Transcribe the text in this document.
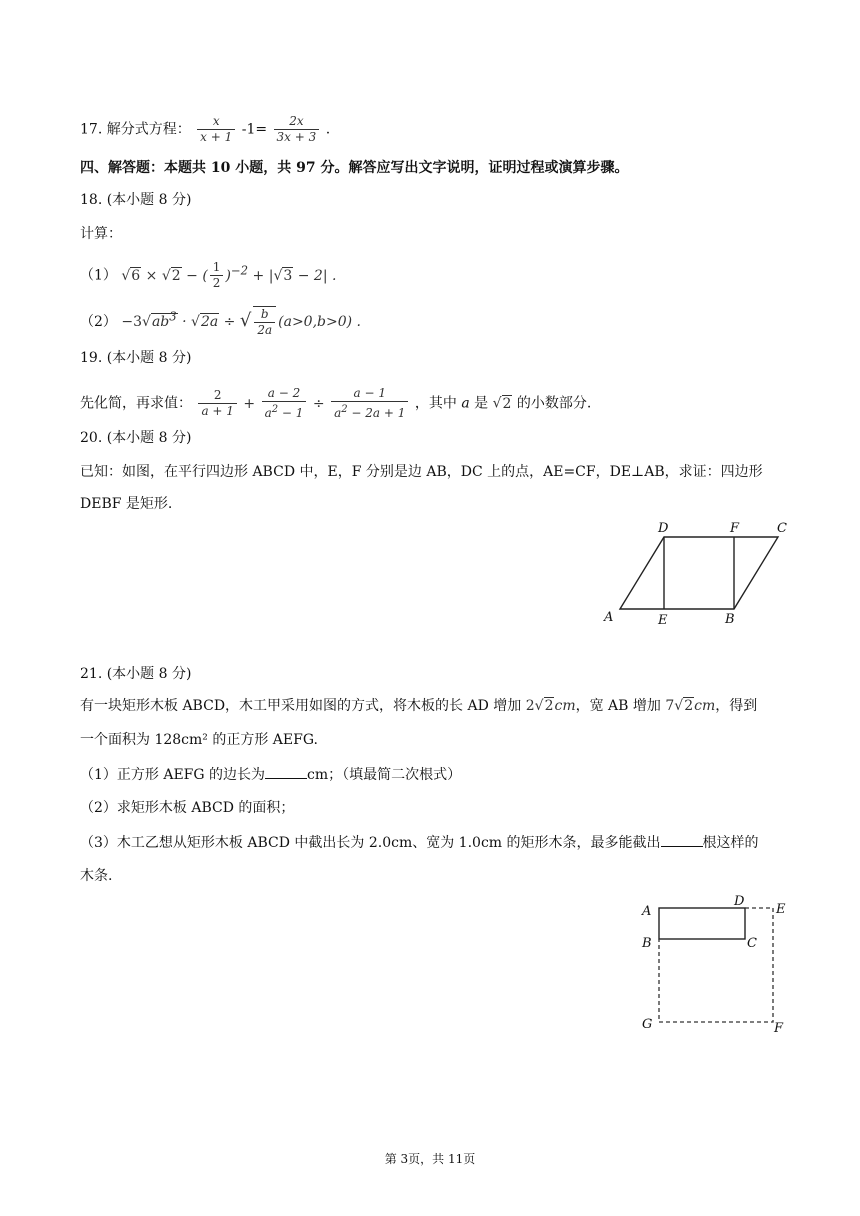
17. 解分式方程： $\frac{x}{x + 1} -1= \frac{2x}{3x + 3}$ .
四、解答题：本题共 10 小题，共 97 分。解答应写出文字说明，证明过程或演算步骤。
18. (本小题 8 分)
计算：
（1） √6 × √2 − ( $\frac{1}{2} )^{-2} + |√3 - 2|$ .
$(2) -3√ab^3 \cdot √2a$ ÷ √ $\frac{b}{2a} (a>0,b>0)$ .
19. (本小题 8 分)
先化简，再求值： $\frac{2}{a + 1} + \frac{a - 2}{a^2 - 1} \div \frac{a - 1}{a^2 - 2a + 1}$ ，其中 a 是 √2 的小数部分.
20. (本小题 8 分)
已知：如图，在平行四边形 ABCD 中，E，F 分别是边 AB，DC 上的点，AE=CF，DE⊥AB，求证：四边形
DEBF 是矩形.
D	F	C
A	E	B
21. (本小题 8 分)
有一块矩形木板 ABCD，木工甲采用如图的方式，将木板的长 AD 增加 2√2cm，宽 AB 增加 7√2cm，得到
一个面积为 128cm² 的正方形 AEFG.
（1）正方形 AEFG 的边长为	cm；（填最简二次根式）
（2）求矩形木板 ABCD 的面积；
（3）木工乙想从矩形木板 ABCD 中截出长为 2.0cm、宽为 1.0cm 的矩形木条，最多能截出	根这样的
木条.
A
D
E
B	C
G	F
第 3页，共 11页
